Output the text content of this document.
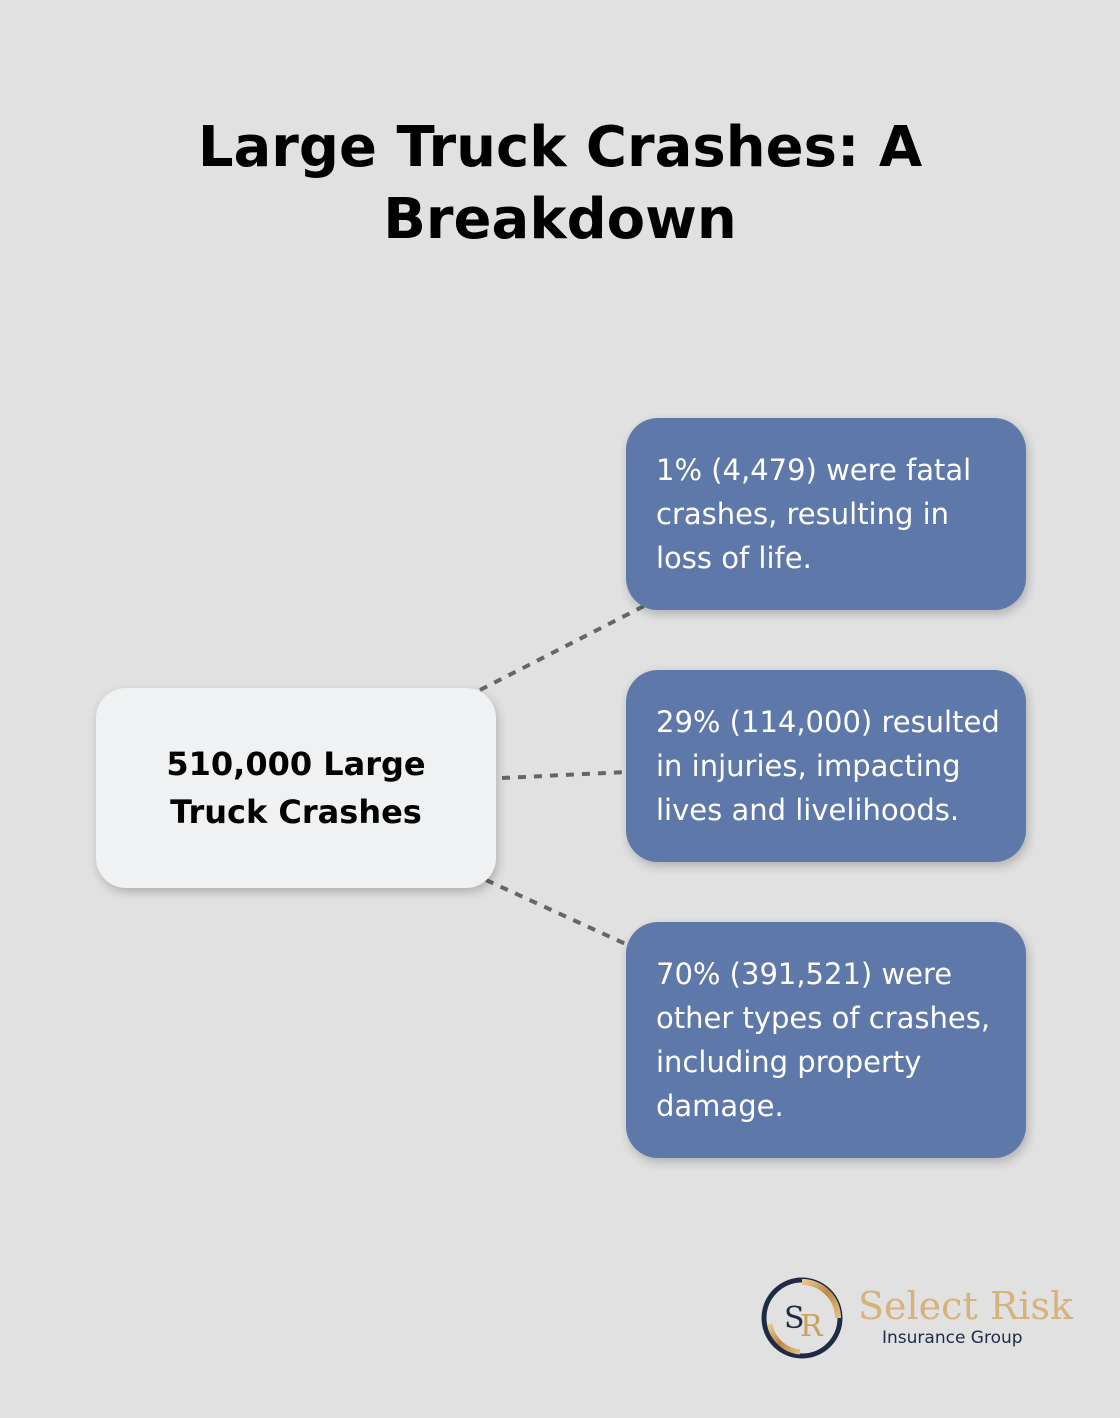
Large Truck Crashes: A Breakdown
510,000 Large Truck Crashes
1% (4,479) were fatal crashes, resulting in loss of life.
29% (114,000) resulted in injuries, impacting lives and livelihoods.
70% (391,521) were other types of crashes, including property damage.
S
R Select Risk
Insurance Group
